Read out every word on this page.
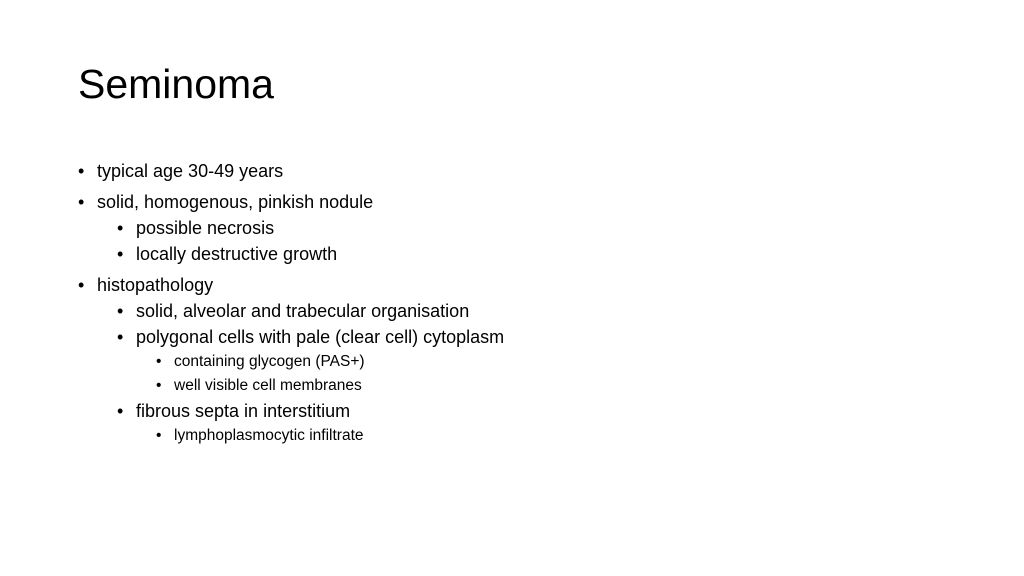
Seminoma
• typical age 30-49 years
• solid, homogenous, pinkish nodule
• possible necrosis
• locally destructive growth
• histopathology
• solid, alveolar and trabecular organisation
• polygonal cells with pale (clear cell) cytoplasm
• containing glycogen (PAS+)
• well visible cell membranes
• fibrous septa in interstitium
• lymphoplasmocytic infiltrate
